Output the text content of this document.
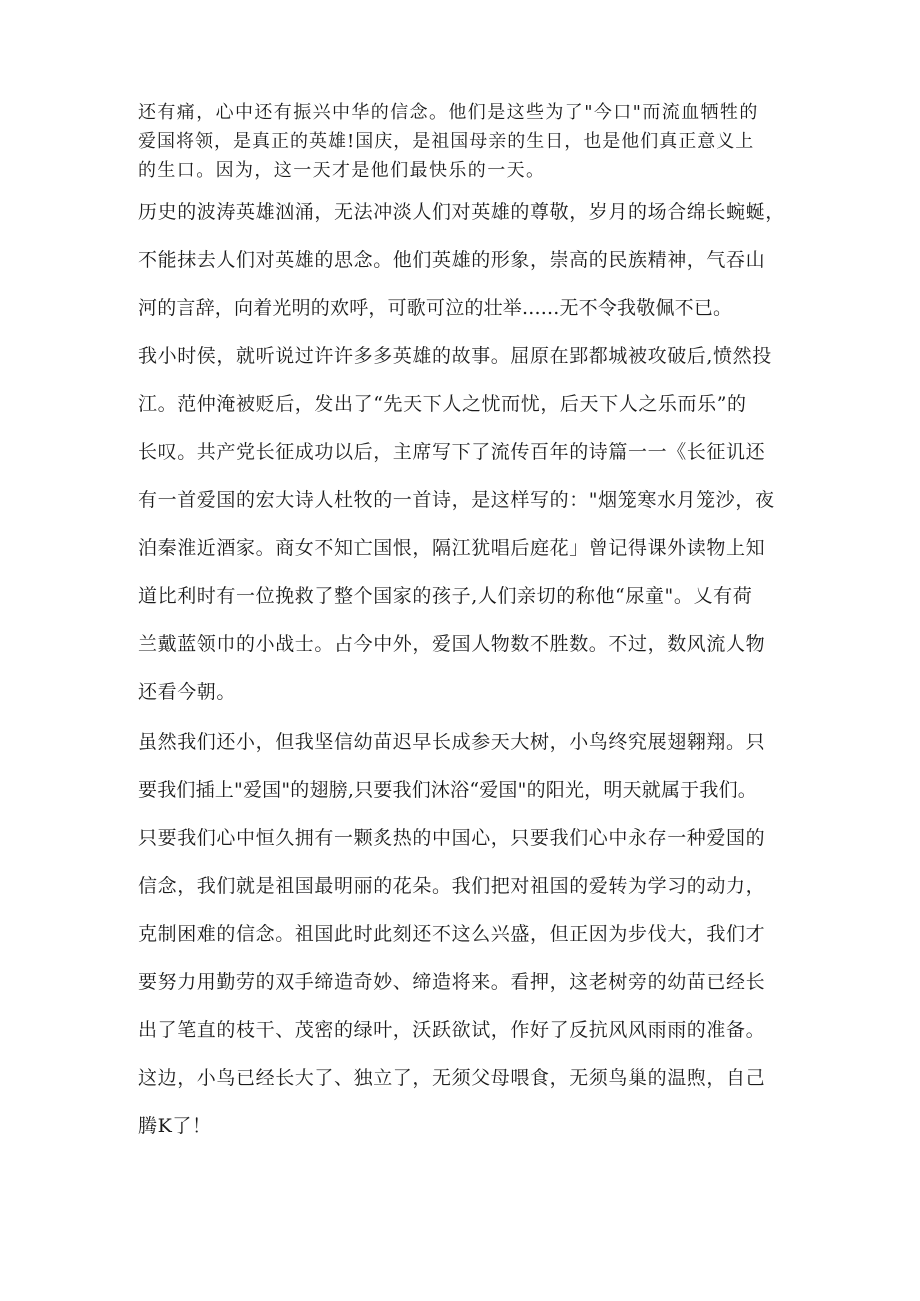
还有痛，心中还有振兴中华的信念。他们是这些为了"今口"而流血牺牲的
爱国将领，是真正的英雄!国庆，是祖国母亲的生日，也是他们真正意义上
的生口。因为，这一天才是他们最快乐的一天。
历史的波涛英雄汹涌，无法冲淡人们对英雄的尊敬，岁月的场合绵长蜿蜒，
不能抹去人们对英雄的思念。他们英雄的形象，崇高的民族精神，气吞山
河的言辞，向着光明的欢呼，可歌可泣的壮举......无不令我敬佩不已。
我小时侯，就听说过许许多多英雄的故事。屈原在郢都城被攻破后,愤然投
江。范仲淹被贬后，发出了“先天下人之忧而忧，后天下人之乐而乐”的
长叹。共产党长征成功以后，主席写下了流传百年的诗篇一一《长征讥还
有一首爱国的宏大诗人杜牧的一首诗，是这样写的："烟笼寒水月笼沙，夜
泊秦淮近酒家。商女不知亡国恨，隔江犹唱后庭花」曾记得课外读物上知
道比利时有一位挽救了整个国家的孩子,人们亲切的称他“尿童"。乂有荷
兰戴蓝领巾的小战士。占今中外，爱国人物数不胜数。不过，数风流人物
还看今朝。
虽然我们还小，但我坚信幼苗迟早长成参天大树，小鸟终究展翅翱翔。只
要我们插上"爱国"的翅膀,只要我们沐浴“爱国"的阳光，明天就属于我们。
只要我们心中恒久拥有一颗炙热的中国心，只要我们心中永存一种爱国的
信念，我们就是祖国最明丽的花朵。我们把对祖国的爱转为学习的动力，
克制困难的信念。祖国此时此刻还不这么兴盛，但正因为步伐大，我们才
要努力用勤劳的双手缔造奇妙、缔造将来。看押，这老树旁的幼苗已经长
出了笔直的枝干、茂密的绿叶，沃跃欲试，作好了反抗风风雨雨的准备。
这边，小鸟已经长大了、独立了，无须父母喂食，无须鸟巢的温煦，自己
腾K了！
